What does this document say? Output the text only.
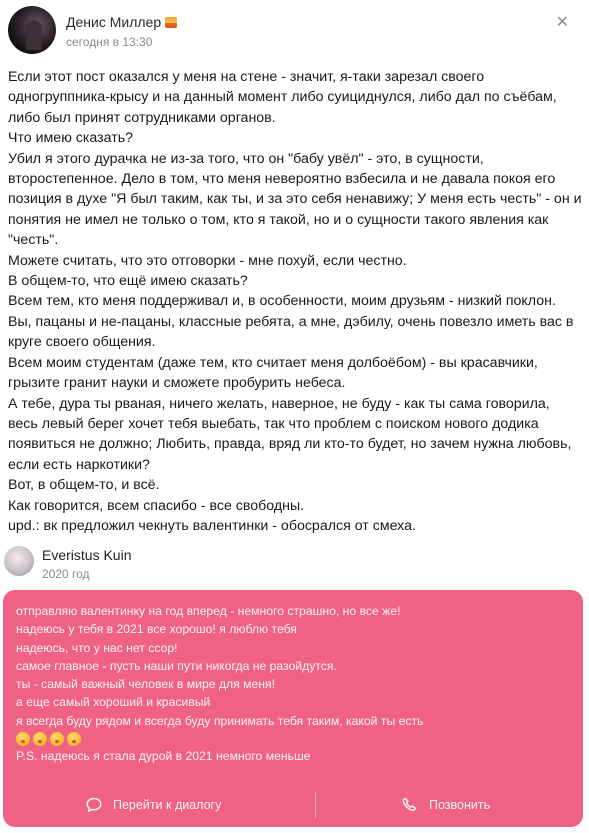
Денис Миллер
сегодня в 13:30
✕

Если этот пост оказался у меня на стене - значит, я-таки зарезал своего одногруппника-крысу и на данный момент либо суициднулся, либо дал по съёбам, либо был принят сотрудниками органов.

Что имею сказать?

Убил я этого дурачка не из-за того, что он "бабу увёл" - это, в сущности, второстепенное. Дело в том, что меня невероятно взбесила и не давала покоя его позиция в духе "Я был таким, как ты, и за это себя ненавижу; У меня есть честь" - он и понятия не имел не только о том, кто я такой, но и о сущности такого явления как "честь".

Можете считать, что это отговорки - мне похуй, если честно.

В общем-то, что ещё имею сказать?

Всем тем, кто меня поддерживал и, в особенности, моим друзьям - низкий поклон. Вы, пацаны и не-пацаны, классные ребята, а мне, дэбилу, очень повезло иметь вас в круге своего общения.

Всем моим студентам (даже тем, кто считает меня долбоёбом) - вы красавчики, грызите гранит науки и сможете пробурить небеса.

А тебе, дура ты рваная, ничего желать, наверное, не буду - как ты сама говорила, весь левый берег хочет тебя выебать, так что проблем с поиском нового додика появиться не должно; Любить, правда, вряд ли кто-то будет, но зачем нужна любовь, если есть наркотики?

Вот, в общем-то, и всё.

Как говорится, всем спасибо - все свободны.

upd.: вк предложил чекнуть валентинки - обосрался от смеха.

Everistus Kuin
2020 год
отправляю валентинку на год вперед - немного страшно, но все же!
надеюсь у тебя в 2021 все хорошо! я люблю тебя
надеюсь, что у нас нет ссор!
самое главное - пусть наши пути никогда не разойдутся.
ты - самый важный человек в мире для меня!
а еще самый хороший и красивый
я всегда буду рядом и всегда буду принимать тебя таким, какой ты есть
P.S. надеюсь я стала дурой в 2021 немного меньше
Перейти к диалогу	Позвонить
